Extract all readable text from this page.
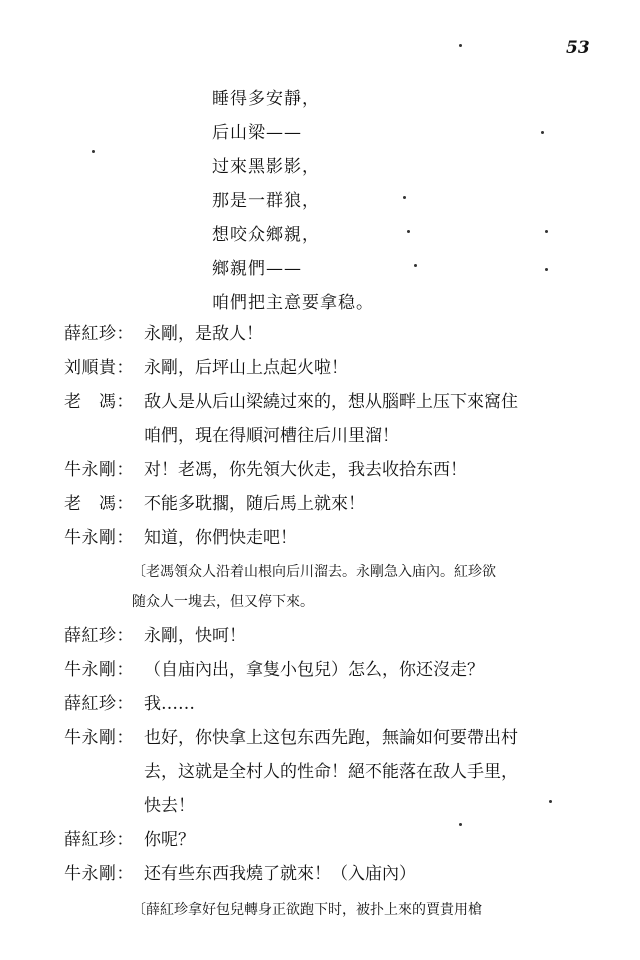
53
睡得多安靜，
后山梁——
过來黑影影，
那是一群狼，
想咬众鄉親，
鄉親們——
咱們把主意要拿稳。
薛紅珍： 永剛，是敌人！
刘順貴： 永剛，后坪山上点起火啦！
老　馮： 敌人是从后山梁繞过來的，想从腦畔上压下來窩住
咱們，現在得順河槽往后川里溜！
牛永剛： 对！老馮，你先領大伙走，我去收拾东西！
老　馮： 不能多耽擱，随后馬上就來！
牛永剛： 知道，你們快走吧！
〔老馮領众人沿着山根向后川溜去。永剛急入庙內。紅珍欲
随众人一塊去，但又停下來。
薛紅珍： 永剛，快呵！
牛永剛： （自庙內出，拿隻小包兒）怎么，你还沒走？
薛紅珍： 我……
牛永剛： 也好，你快拿上这包东西先跑，無論如何要帶出村
去，这就是全村人的性命！絕不能落在敌人手里，
快去！
薛紅珍： 你呢？
牛永剛： 还有些东西我燒了就來！（入庙內）
〔薛紅珍拿好包兒轉身正欲跑下时，被扑上來的賈貴用槍
